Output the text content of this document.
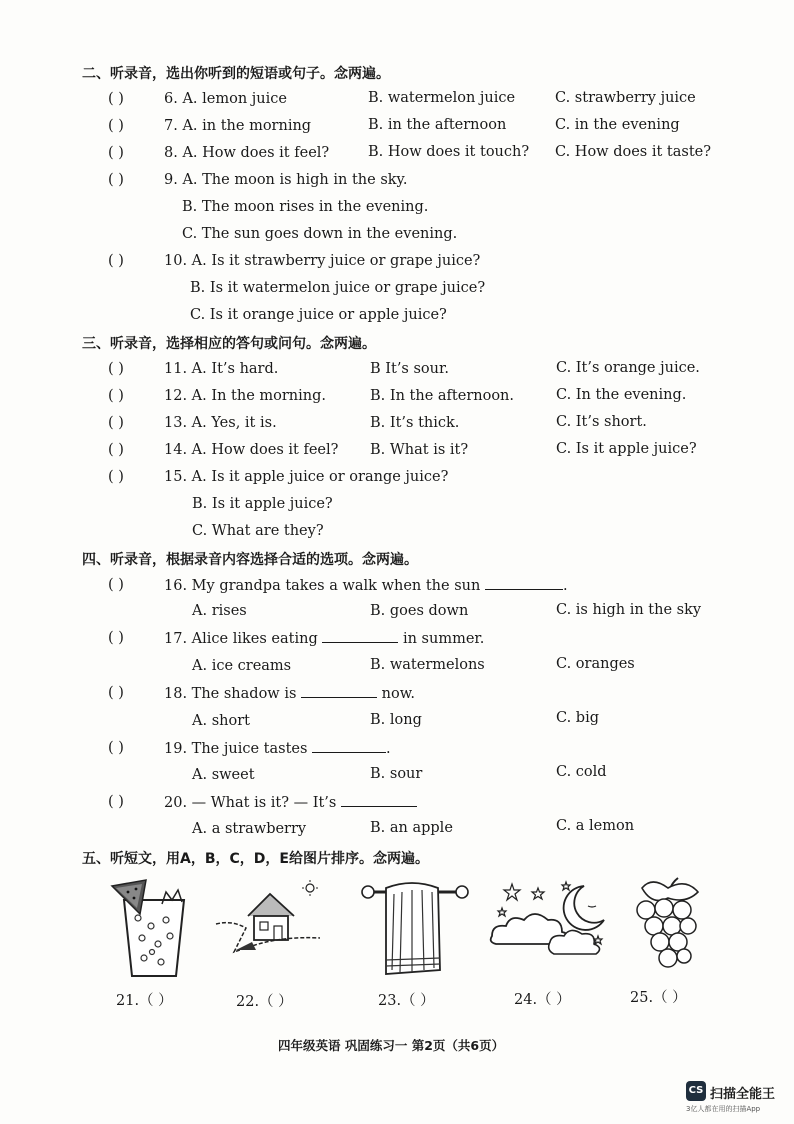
二、听录音，选出你听到的短语或句子。念两遍。
( )	6. A. lemon juice	B. watermelon juice	C. strawberry juice
( )	7. A. in the morning	B. in the afternoon	C. in the evening
( )	8. A. How does it feel?	B. How does it touch? C. How does it taste?
( )	9. A. The moon is high in the sky.
B. The moon rises in the evening.
C. The sun goes down in the evening.
( )	10. A. Is it strawberry juice or grape juice?
B. Is it watermelon juice or grape juice?
C. Is it orange juice or apple juice?
三、听录音，选择相应的答句或问句。念两遍。
( )	11. A. It’s hard.	B It’s sour.	C. It’s orange juice.
( )	12. A. In the morning.	B. In the afternoon.	C. In the evening.
( )	13. A. Yes, it is.	B. It’s thick.	C. It’s short.
( )	14. A. How does it feel? B. What is it?	C. Is it apple juice?
( )	15. A. Is it apple juice or orange juice?
B. Is it apple juice?
C. What are they?
四、听录音，根据录音内容选择合适的选项。念两遍。
( )	16. My grandpa takes a walk when the sun	.
A. rises	B. goes down	C. is high in the sky
( )	17. Alice likes eating	in summer.
A. ice creams	B. watermelons	C. oranges
( )	18. The shadow is	now.
A. short	B. long	C. big
( )	19. The juice tastes	.
A. sweet	B. sour	C. cold
( )	20. — What is it? — It’s
A. a strawberry	B. an apple	C. a lemon
五、听短文，用A，B，C，D，E给图片排序。念两遍。
21.（ ）	22.（ ）	23.（ ）	24.（ ）	25.（ ）
四年级英语 巩固练习一 第2页（共6页）
CS 扫描全能王
3亿人都在用的扫描App
